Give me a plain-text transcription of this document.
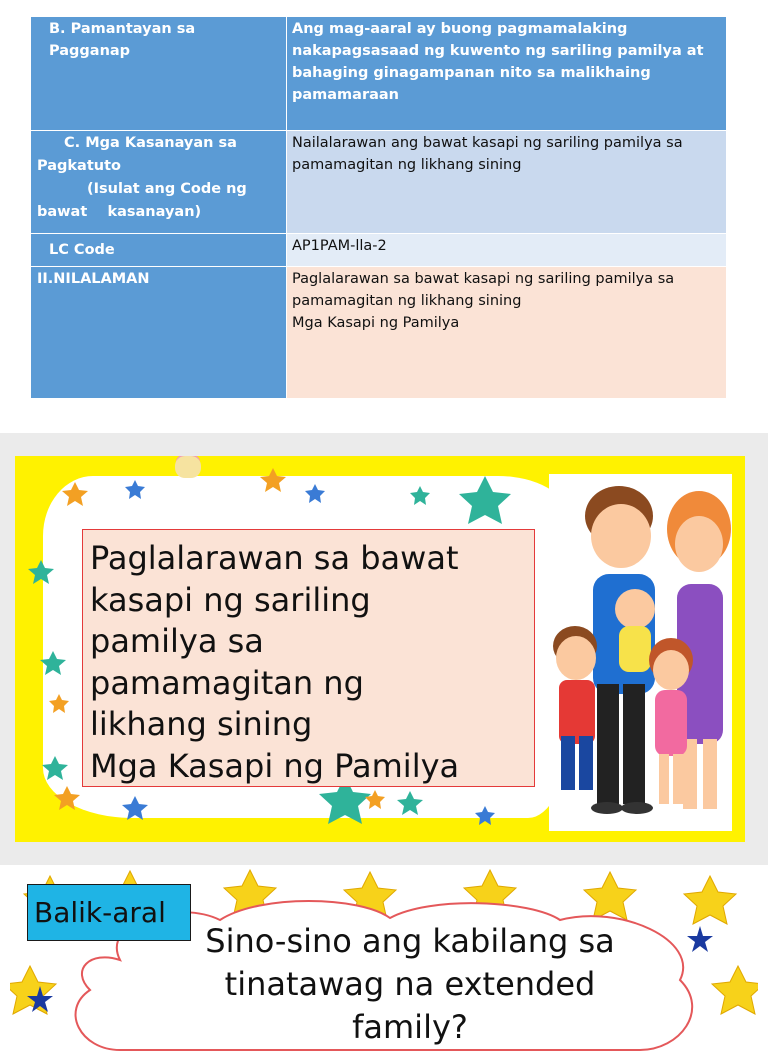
B. Pamantayan sa Pagganap	Ang mag-aaral ay buong pagmamalaking nakapagsasaad ng kuwento ng sariling pamilya at bahaging ginagampanan nito sa malikhaing pamamaraan

C. Mga Kasanayan sa
Pagkatuto
(Isulat ang Code ng
bawat    kasanayan)	Nailalarawan ang bawat kasapi ng sariling pamilya sa pamamagitan ng likhang sining

LC Code	AP1PAM-lla-2

II.NILALAMAN	Paglalarawan sa bawat kasapi ng sariling pamilya sa pamamagitan ng likhang sining
Mga Kasapi ng Pamilya
Paglalarawan sa bawat
kasapi ng sariling
pamilya sa
pamamagitan ng
likhang sining
Mga Kasapi ng Pamilya
Balik-aral
Sino-sino ang kabilang sa
tinatawag na extended
family?
